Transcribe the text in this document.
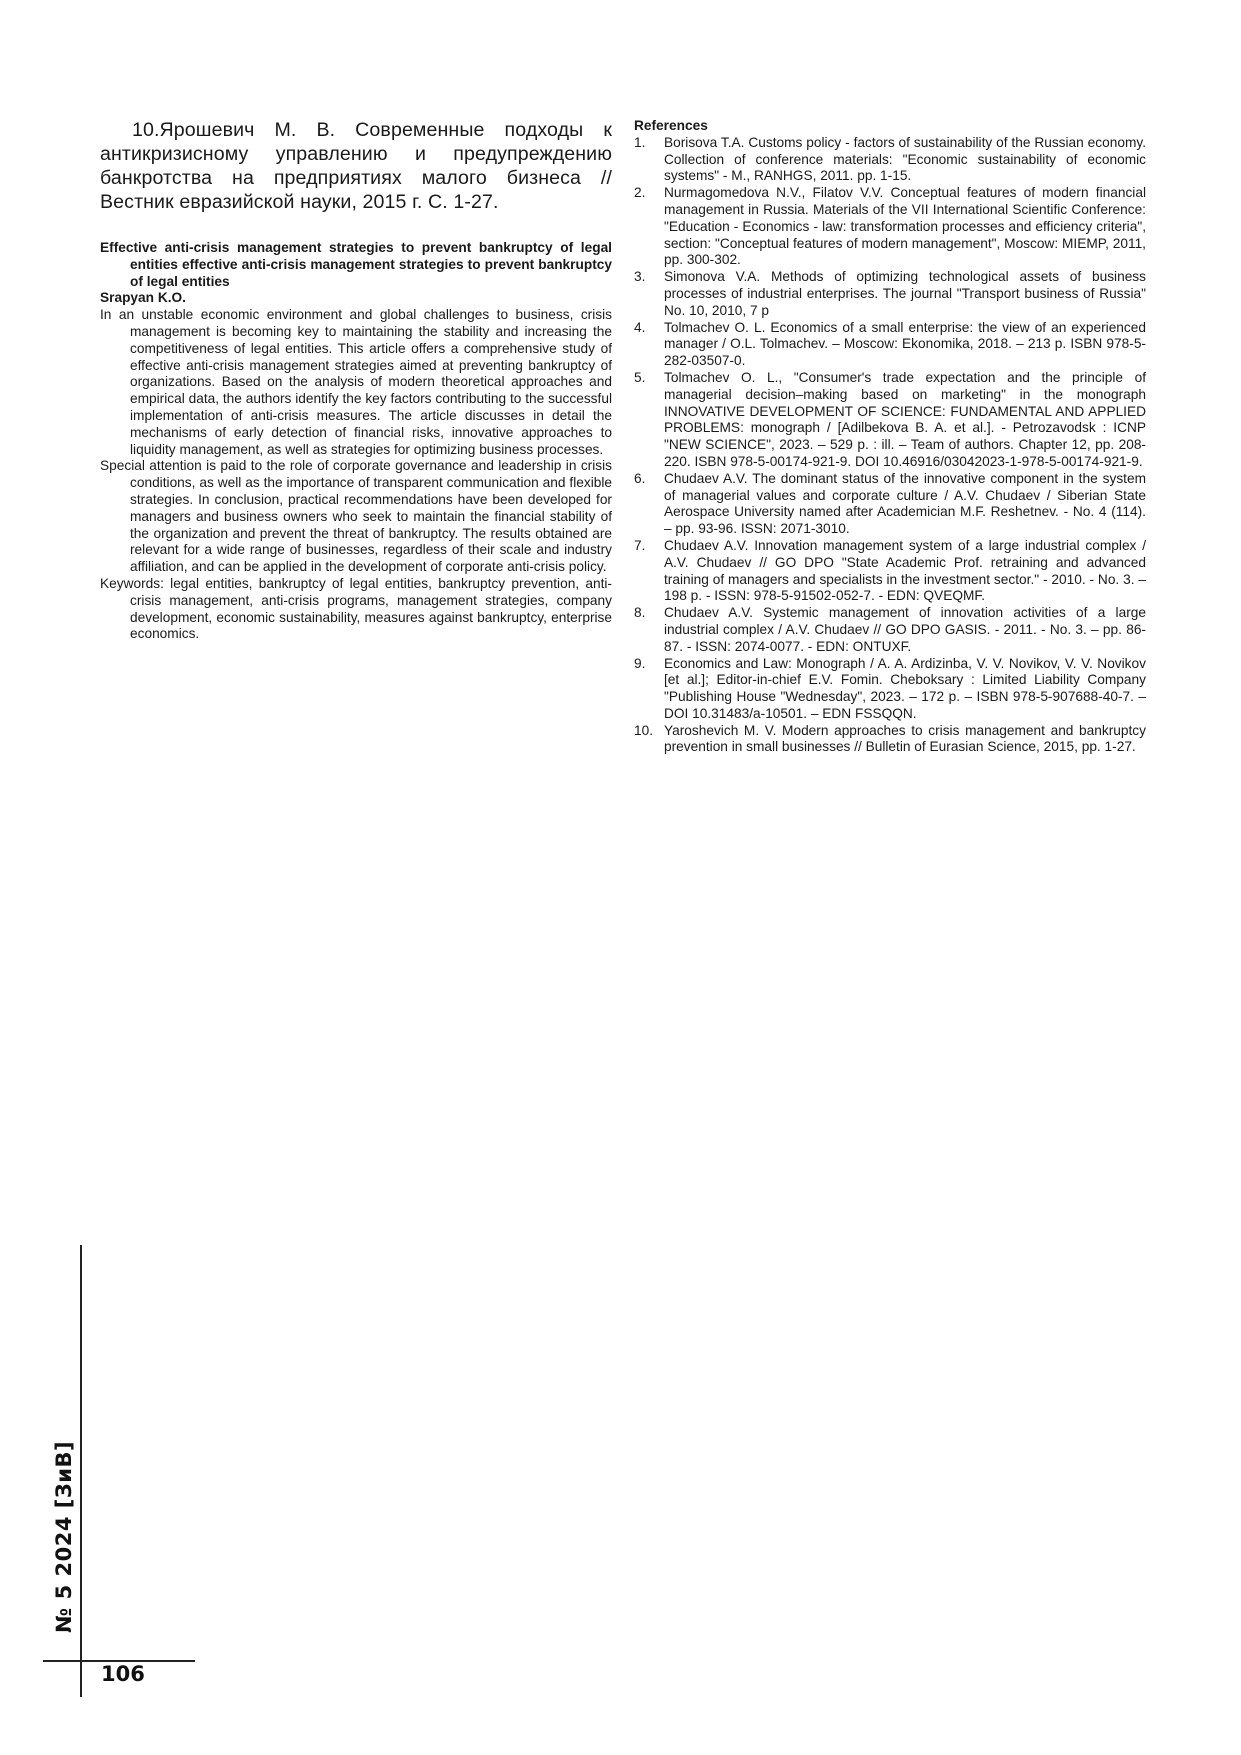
10.Ярошевич М. В. Современные подходы к антикризисному управлению и предупреждению банкротства на предприятиях малого бизнеса // Вестник евразийской науки, 2015 г. С. 1-27.

Effective anti-crisis management strategies to prevent bankruptcy of legal entities effective anti-crisis management strategies to prevent bankruptcy of legal entities

Srapyan K.O.

In an unstable economic environment and global challenges to business, crisis management is becoming key to maintaining the stability and increasing the competitiveness of legal entities. This article offers a comprehensive study of effective anti-crisis management strategies aimed at preventing bankruptcy of organizations. Based on the analysis of modern theoretical approaches and empirical data, the authors identify the key factors contributing to the successful implementation of anti-crisis measures. The article discusses in detail the mechanisms of early detection of financial risks, innovative approaches to liquidity management, as well as strategies for optimizing business processes.

Special attention is paid to the role of corporate governance and leadership in crisis conditions, as well as the importance of transparent communication and flexible strategies. In conclusion, practical recommendations have been developed for managers and business owners who seek to maintain the financial stability of the organization and prevent the threat of bankruptcy. The results obtained are relevant for a wide range of businesses, regardless of their scale and industry affiliation, and can be applied in the development of corporate anti-crisis policy.

Keywords: legal entities, bankruptcy of legal entities, bankruptcy prevention, anti-crisis management, anti-crisis programs, management strategies, company development, economic sustainability, measures against bankruptcy, enterprise economics.

References

1.	Borisova T.A. Customs policy - factors of sustainability of the Russian economy. Collection of conference materials: "Economic sustainability of economic systems" - M., RANHGS, 2011. pp. 1-15.
2.	Nurmagomedova N.V., Filatov V.V. Conceptual features of modern financial management in Russia. Materials of the VII International Scientific Conference: "Education - Economics - law: transformation processes and efficiency criteria", section: "Conceptual features of modern management", Moscow: MIEMP, 2011, pp. 300-302.
3.	Simonova V.A. Methods of optimizing technological assets of business processes of industrial enterprises. The journal "Transport business of Russia" No. 10, 2010, 7 p
4.	Tolmachev O. L. Economics of a small enterprise: the view of an experienced manager / O.L. Tolmachev. – Moscow: Ekonomika, 2018. – 213 p. ISBN 978-5-282-03507-0.
5.	Tolmachev O. L., "Consumer's trade expectation and the principle of managerial decision–making based on marketing" in the monograph INNOVATIVE DEVELOPMENT OF SCIENCE: FUNDAMENTAL AND APPLIED PROBLEMS: monograph / [Adilbekova B. A. et al.]. - Petrozavodsk : ICNP "NEW SCIENCE", 2023. – 529 p. : ill. – Team of authors. Chapter 12, pp. 208-220. ISBN 978-5-00174-921-9. DOI 10.46916/03042023-1-978-5-00174-921-9.
6.	Chudaev A.V. The dominant status of the innovative component in the system of managerial values and corporate culture / A.V. Chudaev / Siberian State Aerospace University named after Academician M.F. Reshetnev. - No. 4 (114). – pp. 93-96. ISSN: 2071-3010.
7.	Chudaev A.V. Innovation management system of a large industrial complex / A.V. Chudaev // GO DPO "State Academic Prof. retraining and advanced training of managers and specialists in the investment sector." - 2010. - No. 3. – 198 p. - ISSN: 978-5-91502-052-7. - EDN: QVEQMF.
8.	Chudaev A.V. Systemic management of innovation activities of a large industrial complex / A.V. Chudaev // GO DPO GASIS. - 2011. - No. 3. – pp. 86-87. - ISSN: 2074-0077. - EDN: ONTUXF.
9.	Economics and Law: Monograph / A. A. Ardizinba, V. V. Novikov, V. V. Novikov [et al.]; Editor-in-chief E.V. Fomin. Cheboksary : Limited Liability Company "Publishing House "Wednesday", 2023. – 172 p. – ISBN 978-5-907688-40-7. – DOI 10.31483/a-10501. – EDN FSSQQN.
10. Yaroshevich M. V. Modern approaches to crisis management and bankruptcy prevention in small businesses // Bulletin of Eurasian Science, 2015, pp. 1-27.
№ 5 2024 [ЗиВ]
106
